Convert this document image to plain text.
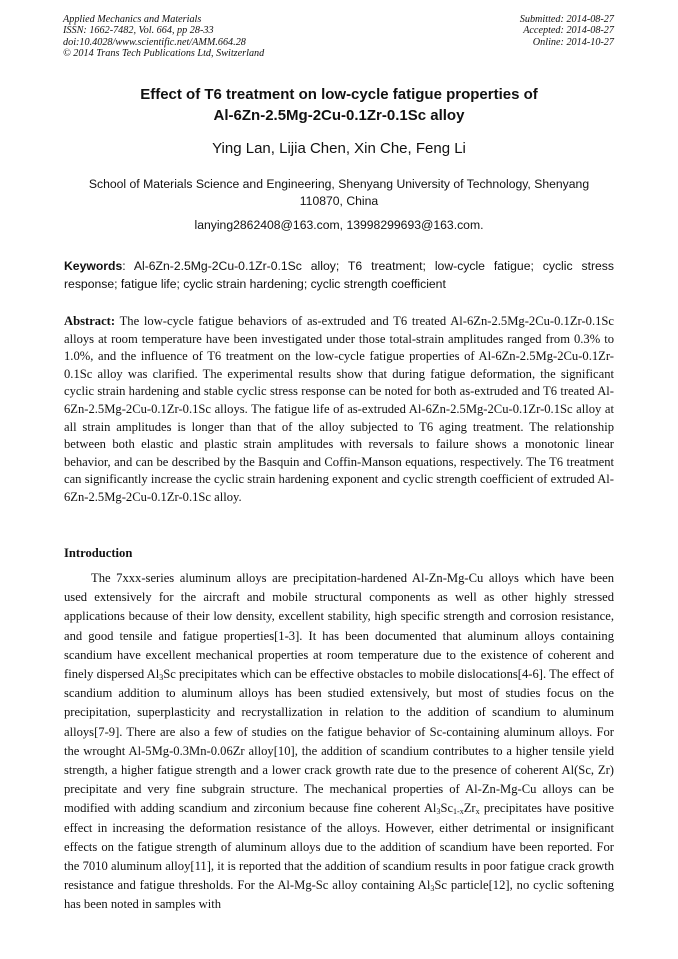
Applied Mechanics and Materials
ISSN: 1662-7482, Vol. 664, pp 28-33
doi:10.4028/www.scientific.net/AMM.664.28
© 2014 Trans Tech Publications Ltd, Switzerland
Submitted: 2014-08-27
Accepted: 2014-08-27
Online: 2014-10-27
Effect of T6 treatment on low-cycle fatigue properties of
Al-6Zn-2.5Mg-2Cu-0.1Zr-0.1Sc alloy
Ying Lan, Lijia Chen, Xin Che, Feng Li
School of Materials Science and Engineering, Shenyang University of Technology, Shenyang 110870, China
lanying2862408@163.com, 13998299693@163.com.
Keywords: Al-6Zn-2.5Mg-2Cu-0.1Zr-0.1Sc alloy; T6 treatment; low-cycle fatigue; cyclic stress response; fatigue life; cyclic strain hardening; cyclic strength coefficient
Abstract: The low-cycle fatigue behaviors of as-extruded and T6 treated Al-6Zn-2.5Mg-2Cu-0.1Zr-0.1Sc alloys at room temperature have been investigated under those total-strain amplitudes ranged from 0.3% to 1.0%, and the influence of T6 treatment on the low-cycle fatigue properties of Al-6Zn-2.5Mg-2Cu-0.1Zr-0.1Sc alloy was clarified. The experimental results show that during fatigue deformation, the significant cyclic strain hardening and stable cyclic stress response can be noted for both as-extruded and T6 treated Al-6Zn-2.5Mg-2Cu-0.1Zr-0.1Sc alloys. The fatigue life of as-extruded Al-6Zn-2.5Mg-2Cu-0.1Zr-0.1Sc alloy at all strain amplitudes is longer than that of the alloy subjected to T6 aging treatment. The relationship between both elastic and plastic strain amplitudes with reversals to failure shows a monotonic linear behavior, and can be described by the Basquin and Coffin-Manson equations, respectively. The T6 treatment can significantly increase the cyclic strain hardening exponent and cyclic strength coefficient of extruded Al-6Zn-2.5Mg-2Cu-0.1Zr-0.1Sc alloy.
Introduction
The 7xxx-series aluminum alloys are precipitation-hardened Al-Zn-Mg-Cu alloys which have been used extensively for the aircraft and mobile structural components as well as other highly stressed applications because of their low density, excellent stability, high specific strength and corrosion resistance, and good tensile and fatigue properties[1-3]. It has been documented that aluminum alloys containing scandium have excellent mechanical properties at room temperature due to the existence of coherent and finely dispersed $Al_3Sc$ precipitates which can be effective obstacles to mobile dislocations[4-6]. The effect of scandium addition to aluminum alloys has been studied extensively, but most of studies focus on the precipitation, superplasticity and recrystallization in relation to the addition of scandium to aluminum alloys[7-9]. There are also a few of studies on the fatigue behavior of Sc-containing aluminum alloys. For the wrought Al-5Mg-0.3Mn-0.06Zr alloy[10], the addition of scandium contributes to a higher tensile yield strength, a higher fatigue strength and a lower crack growth rate due to the presence of coherent Al(Sc, Zr) precipitate and very fine subgrain structure. The mechanical properties of Al-Zn-Mg-Cu alloys can be modified with adding scandium and zirconium because fine coherent $Al_3Sc_{1-x}Zr_x$ precipitates have positive effect in increasing the deformation resistance of the alloys. However, either detrimental or insignificant effects on the fatigue strength of aluminum alloys due to the addition of scandium have been reported. For the 7010 aluminum alloy[11], it is reported that the addition of scandium results in poor fatigue crack growth resistance and fatigue thresholds. For the Al-Mg-Sc alloy containing $Al_3Sc$ particle[12], no cyclic softening has been noted in samples with
